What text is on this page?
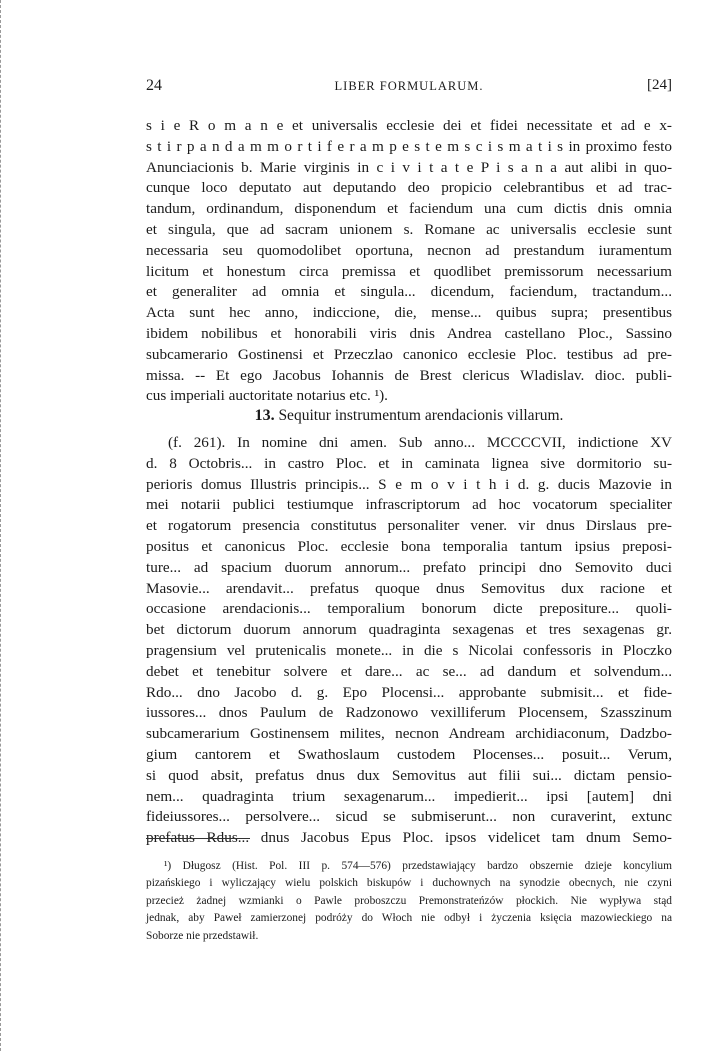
24	LIBER FORMULARUM.	[24]
s i e R o m a n e et universalis ecclesie dei et fidei necessitate et ad e x-
s t i r p a n d a m m o r t i f e r a m p e s t e m s c i s m a t i s in proximo festo
Anunciacionis b. Marie virginis in c i v i t a t e P i s a n a aut alibi in quo-
cunque loco deputato aut deputando deo propicio celebrantibus et ad trac-
tandum, ordinandum, disponendum et faciendum una cum dictis dnis omnia
et singula, que ad sacram unionem s. Romane ac universalis ecclesie sunt
necessaria seu quomodolibet oportuna, necnon ad prestandum iuramentum
licitum et honestum circa premissa et quodlibet premissorum necessarium
et generaliter ad omnia et singula... dicendum, faciendum, tractandum...
Acta sunt hec anno, indiccione, die, mense... quibus supra; presentibus
ibidem nobilibus et honorabili viris dnis Andrea castellano Ploc., Sassino
subcamerario Gostinensi et Przeczlao canonico ecclesie Ploc. testibus ad pre-
missa. -- Et ego Jacobus Iohannis de Brest clericus Wladislav. dioc. publi-
cus imperiali auctoritate notarius etc. ¹).
13. Sequitur instrumentum arendacionis villarum.
(f. 261). In nomine dni amen. Sub anno... MCCCCVII, indictione XV
d. 8 Octobris... in castro Ploc. et in caminata lignea sive dormitorio su-
perioris domus Illustris principis... S e m o v i t h i d. g. ducis Mazovie in
mei notarii publici testiumque infrascriptorum ad hoc vocatorum specialiter
et rogatorum presencia constitutus personaliter vener. vir dnus Dirslaus pre-
positus et canonicus Ploc. ecclesie bona temporalia tantum ipsius preposi-
ture... ad spacium duorum annorum... prefato principi dno Semovito duci
Masovie... arendavit... prefatus quoque dnus Semovitus dux racione et
occasione arendacionis... temporalium bonorum dicte prepositure... quoli-
bet dictorum duorum annorum quadraginta sexagenas et tres sexagenas gr.
pragensium vel prutenicalis monete... in die s Nicolai confessoris in Ploczko
debet et tenebitur solvere et dare... ac se... ad dandum et solvendum...
Rdo... dno Jacobo d. g. Epo Plocensi... approbante submisit... et fide-
iussores... dnos Paulum de Radzonowo vexilliferum Plocensem, Szasszinum
subcamerarium Gostinensem milites, necnon Andream archidiaconum, Dadzbo-
gium cantorem et Swathoslaum custodem Plocenses... posuit... Verum,
si quod absit, prefatus dnus dux Semovitus aut filii sui... dictam pensio-
nem... quadraginta trium sexagenarum... impedierit... ipsi [autem] dni
fideiussores... persolvere... sicud se submiserunt... non curaverint, extunc
prefatus Rdus... dnus Jacobus Epus Ploc. ipsos videlicet tam dnum Semo-
¹) Długosz (Hist. Pol. III p. 574—576) przedstawiający bardzo obszernie dzieje koncylium
pizańskiego i wyliczający wielu polskich biskupów i duchownych na synodzie obecnych, nie czyni
przecież żadnej wzmianki o Pawle proboszczu Premonstrateńzów płockich. Nie wypływa stąd
jednak, aby Paweł zamierzonej podróży do Włoch nie odbył i życzenia księcia mazowieckiego na
Soborze nie przedstawił.
